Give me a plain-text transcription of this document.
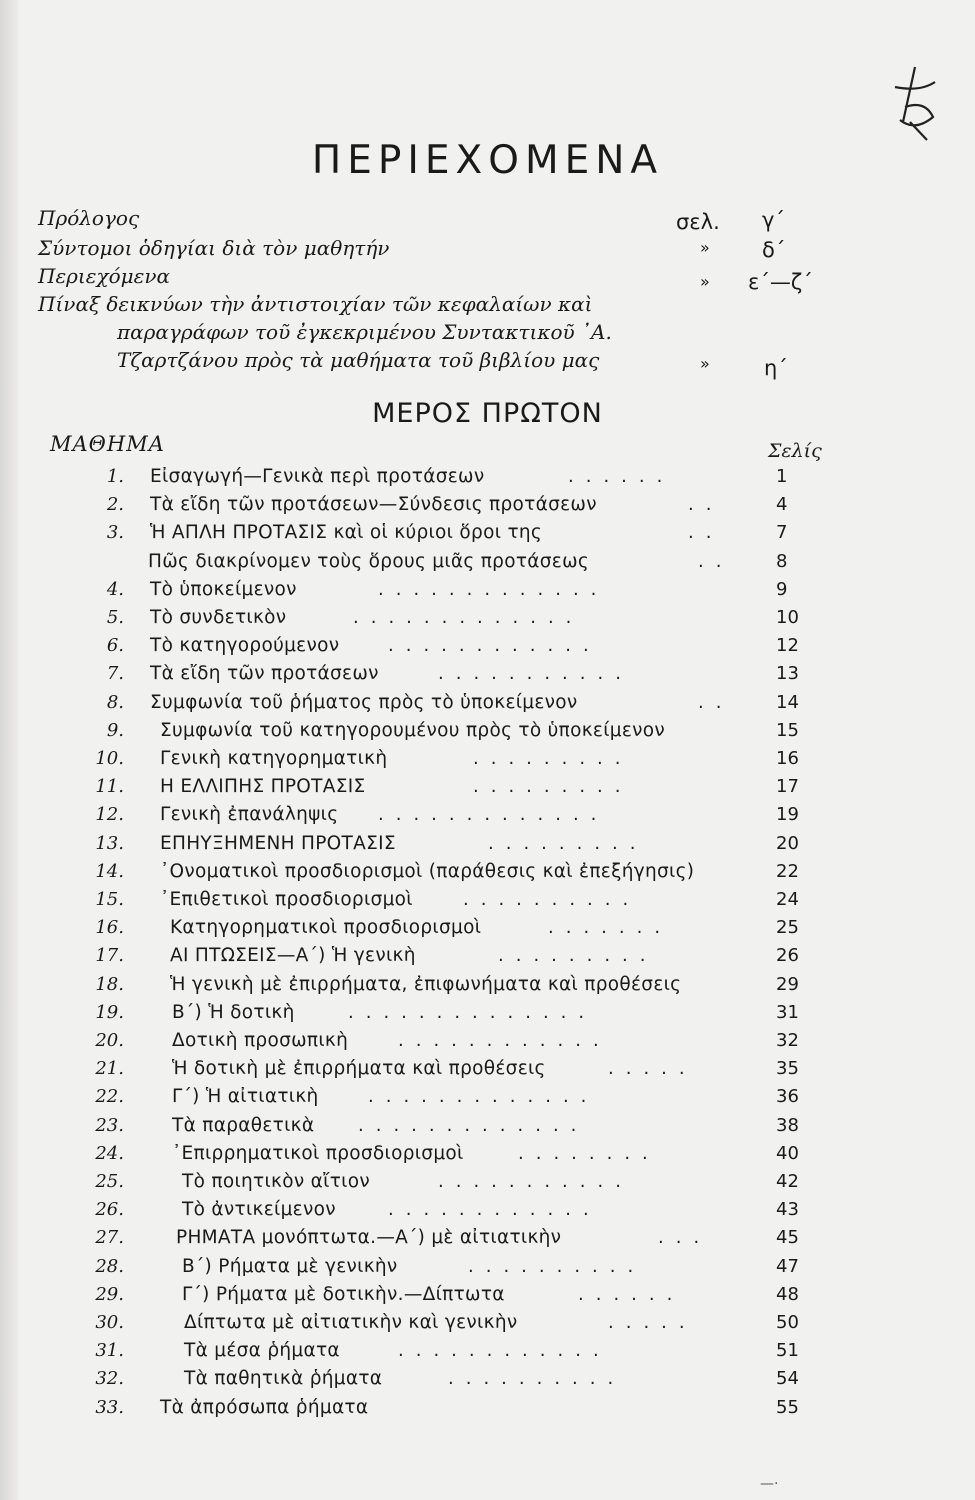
ΠΕΡΙΕΧΟΜΕΝΑ
Πρόλογος	σελ. γ΄
Σύντομοι ὁδηγίαι διὰ τὸν μαθητήν	» δ΄
Περιεχόμενα	» ε΄—ζ΄
Πίναξ δεικνύων τὴν ἀντιστοιχίαν τῶν κεφαλαίων καὶ
παραγράφων τοῦ ἐγκεκριμένου Συντακτικοῦ ᾿Α.
Τζαρτζάνου πρὸς τὰ μαθήματα τοῦ βιβλίου μας	»	η΄
ΜΕΡΟΣ ΠΡΩΤΟΝ
ΜΑΘΗΜΑ	Σελίς
1. Εἰσαγωγή—Γενικὰ περὶ προτάσεων	......	1
2. Τὰ εἴδη τῶν προτάσεων—Σύνδεσις προτάσεων	..	4
3. Ἡ ΑΠΛΗ ΠΡΟΤΑΣΙΣ καὶ οἱ κύριοι ὅροι της	..	7
Πῶς διακρίνομεν τοὺς ὅρους μιᾶς προτάσεως	.. 8
4. Τὸ ὑποκείμενον	.............	9
5. Τὸ συνδετικὸν	.............	10
6. Τὸ κατηγορούμενον	............	12
7. Τὰ εἴδη τῶν προτάσεων	...........	13
8. Συμφωνία τοῦ ῥήματος πρὸς τὸ ὑποκείμενον	.. 14
9. Συμφωνία τοῦ κατηγορουμένου πρὸς τὸ ὑποκείμενον	15
10. Γενικὴ κατηγορηματικὴ	.........	16
11. Η ΕΛΛΙΠΗΣ ΠΡΟΤΑΣΙΣ	.........	17
12. Γενικὴ ἐπανάληψις .............	19
13. ΕΠΗΥΞΗΜΕΝΗ ΠΡΟΤΑΣΙΣ	.........	20
14. ᾿Ονοματικοὶ προσδιορισμοὶ (παράθεσις καὶ ἐπεξήγησις)	22
15. ᾿Επιθετικοὶ προσδιορισμοὶ	..........	24
16. Κατηγορηματικοὶ προσδιορισμοὶ	.......	25
17. ΑΙ ΠΤΩΣΕΙΣ—Α΄) Ἡ γενικὴ	.........	26
18. Ἡ γενικὴ μὲ ἐπιρρήματα, ἐπιφωνήματα καὶ προθέσεις	29
19.	Β΄) Ἡ δοτικὴ	..............	31
20.	Δοτικὴ προσωπικὴ	............	32
21.	Ἡ δοτικὴ μὲ ἐπιρρήματα καὶ προθέσεις	.....	35
22.	Γ΄) Ἡ αἰτιατικὴ	.............	36
23.	Τὰ παραθετικὰ .............	38
24.	᾿Επιρρηματικοὶ προσδιορισμοὶ	........	40
25.	Τὸ ποιητικὸν αἴτιον	...........	42
26.	Τὸ ἀντικείμενον	............	43
27.	ΡΗΜΑΤΑ μονόπτωτα.—Α΄) μὲ αἰτιατικὴν	...	45
28.	Β΄) Ρήματα μὲ γενικὴν	..........	47
29.	Γ΄) Ρήματα μὲ δοτικὴν.—Δίπτωτα	......	48
30.	Δίπτωτα μὲ αἰτιατικὴν καὶ γενικὴν	.....	50
31.	Τὰ μέσα ῥήματα	............	51
32.	Τὰ παθητικὰ ῥήματα	..........	54
33. Τὰ ἀπρόσωπα ῥήματα	55
—·
